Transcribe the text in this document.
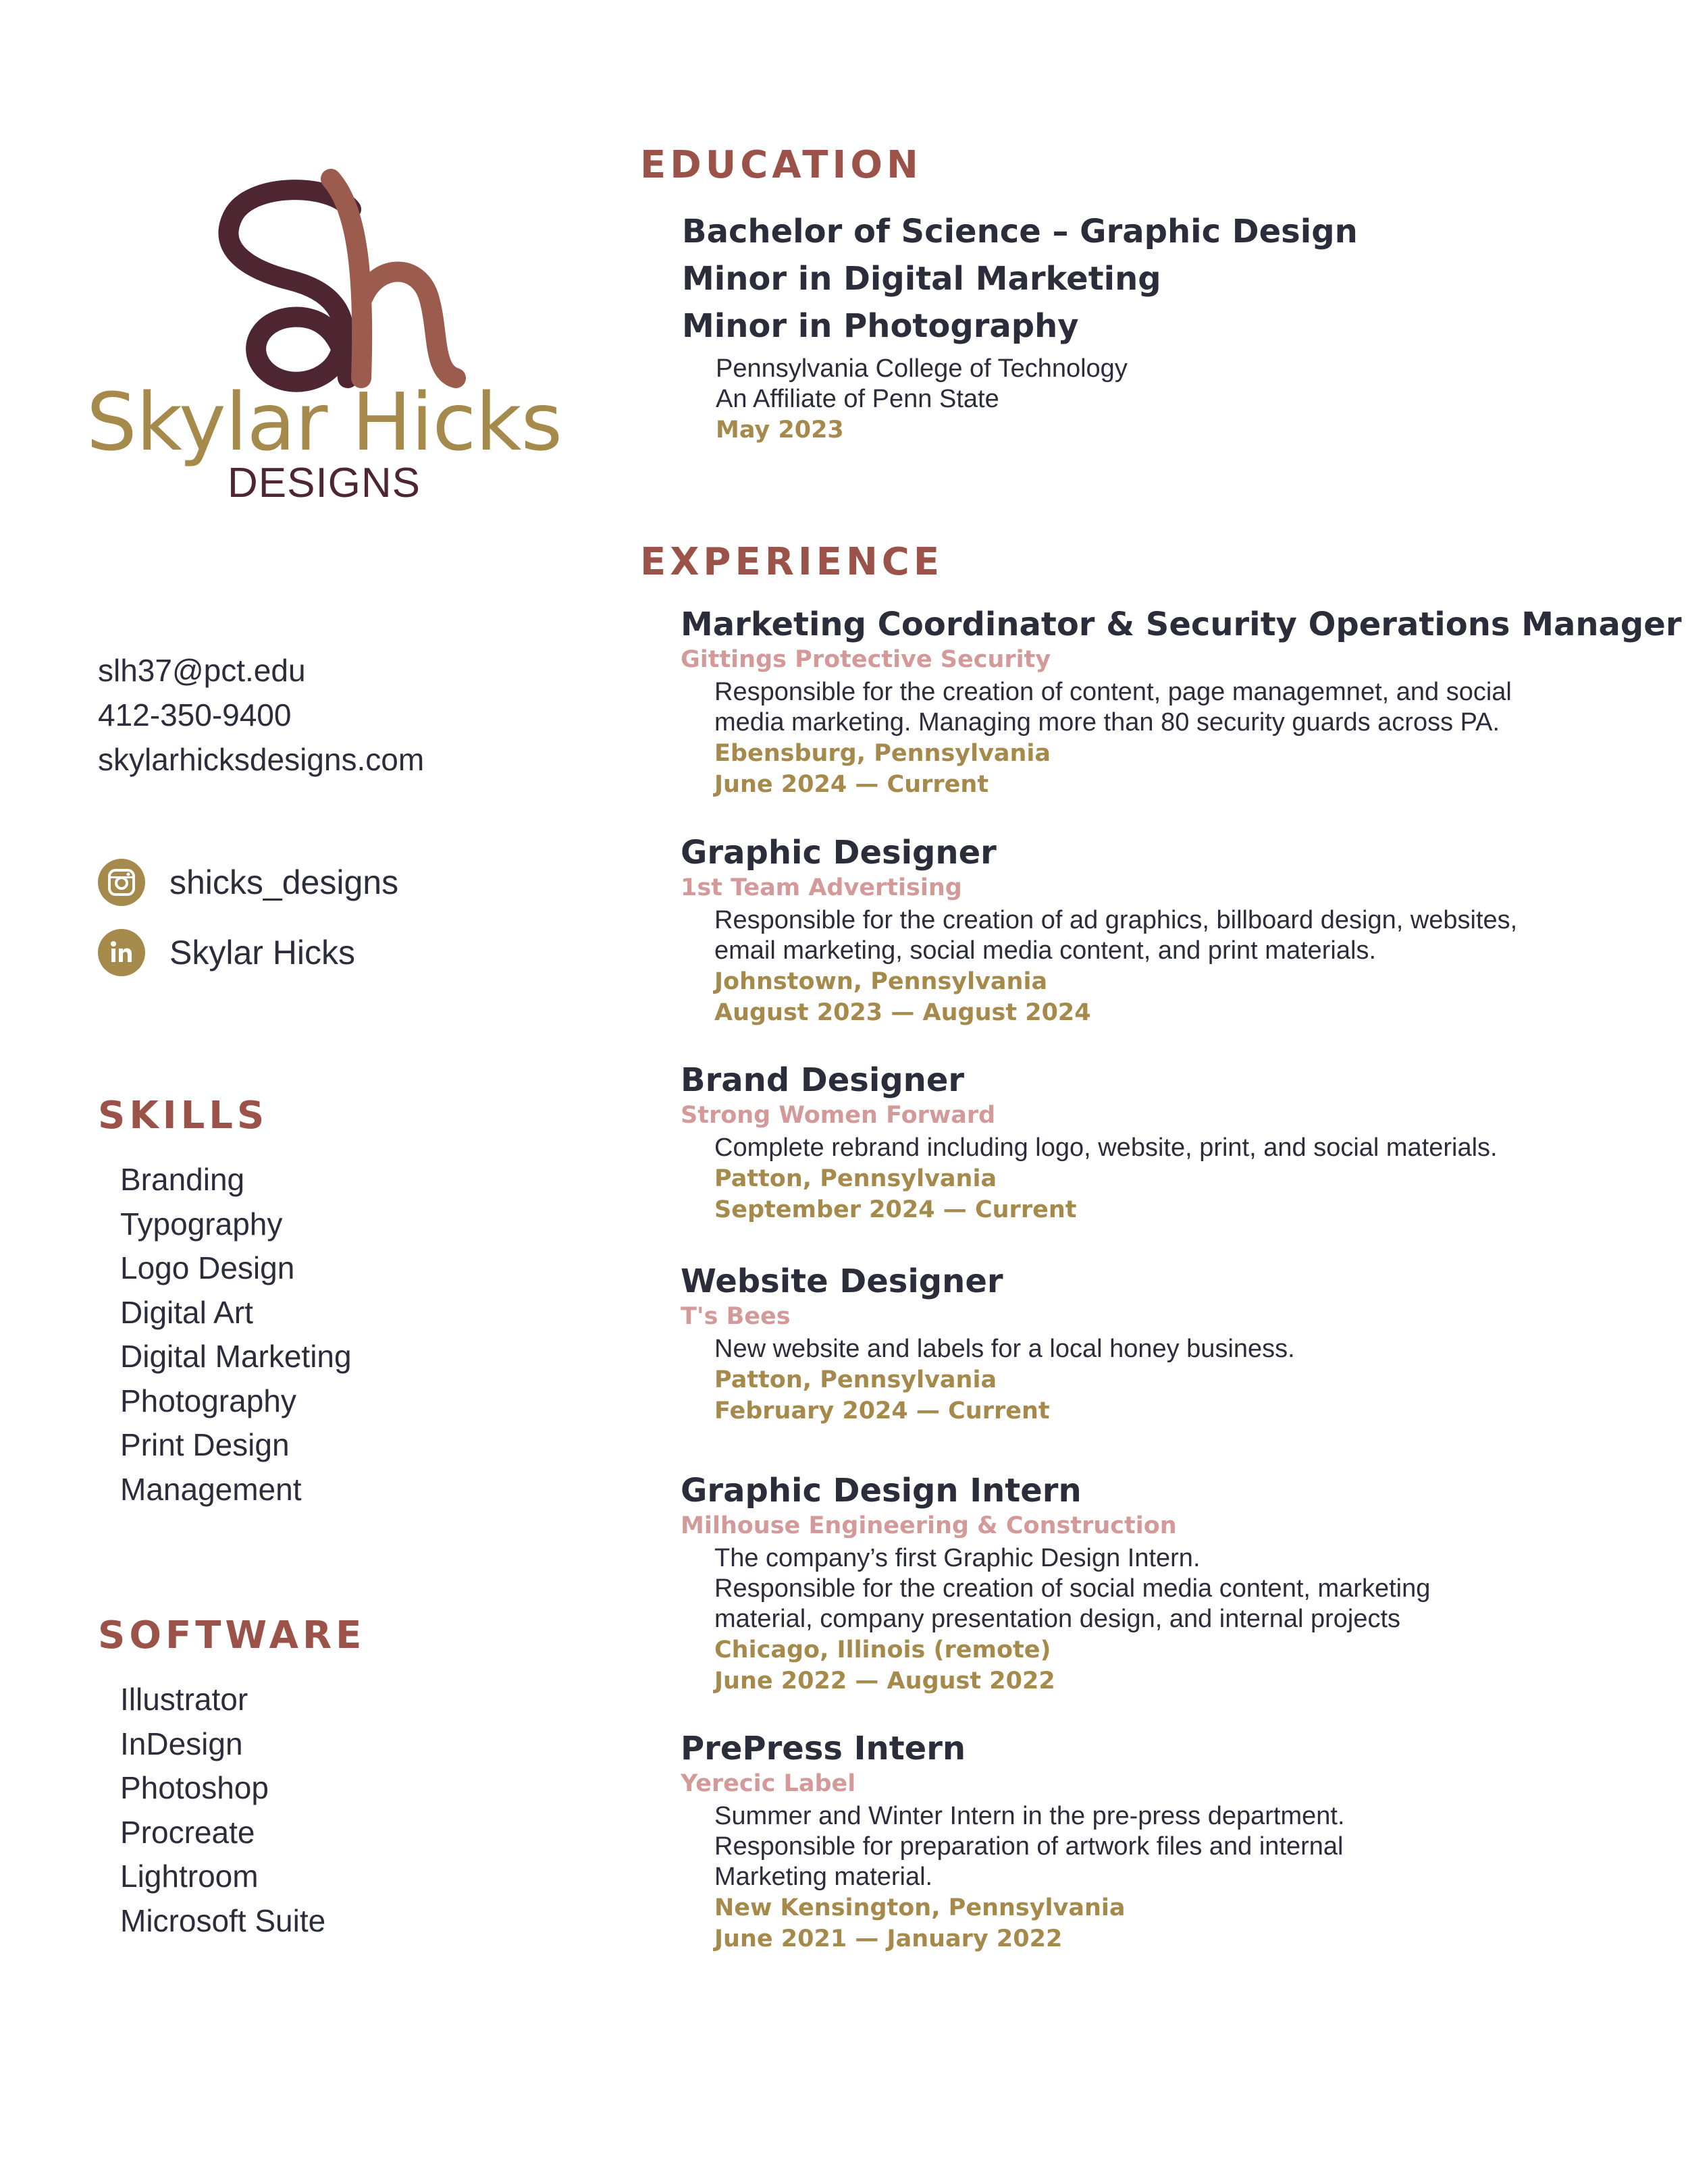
Skylar Hicks
DESIGNS
slh37@pct.edu
412-350-9400
skylarhicksdesigns.com
shicks_designs
Skylar Hicks
SKILLS
Branding
Typography
Logo Design
Digital Art
Digital Marketing
Photography
Print Design
Management
SOFTWARE
Illustrator
InDesign
Photoshop
Procreate
Lightroom
Microsoft Suite
EDUCATION
Bachelor of Science – Graphic Design
Minor in Digital Marketing
Minor in Photography
Pennsylvania College of Technology
An Affiliate of Penn State
May 2023
EXPERIENCE
Marketing Coordinator & Security Operations Manager
Gittings Protective Security
Responsible for the creation of content, page managemnet, and social
media marketing. Managing more than 80 security guards across PA.
Ebensburg, Pennsylvania
June 2024 — Current
Graphic Designer
1st Team Advertising
Responsible for the creation of ad graphics, billboard design, websites,
email marketing, social media content, and print materials.
Johnstown, Pennsylvania
August 2023 — August 2024
Brand Designer
Strong Women Forward
Complete rebrand including logo, website, print, and social materials.
Patton, Pennsylvania
September 2024 — Current
Website Designer
T's Bees
New website and labels for a local honey business.
Patton, Pennsylvania
February 2024 — Current
Graphic Design Intern
Milhouse Engineering & Construction
The company’s first Graphic Design Intern.
Responsible for the creation of social media content, marketing
material, company presentation design, and internal projects
Chicago, Illinois (remote)
June 2022 — August 2022
PrePress Intern
Yerecic Label
Summer and Winter Intern in the pre-press department.
Responsible for preparation of artwork files and internal
Marketing material.
New Kensington, Pennsylvania
June 2021 — January 2022
